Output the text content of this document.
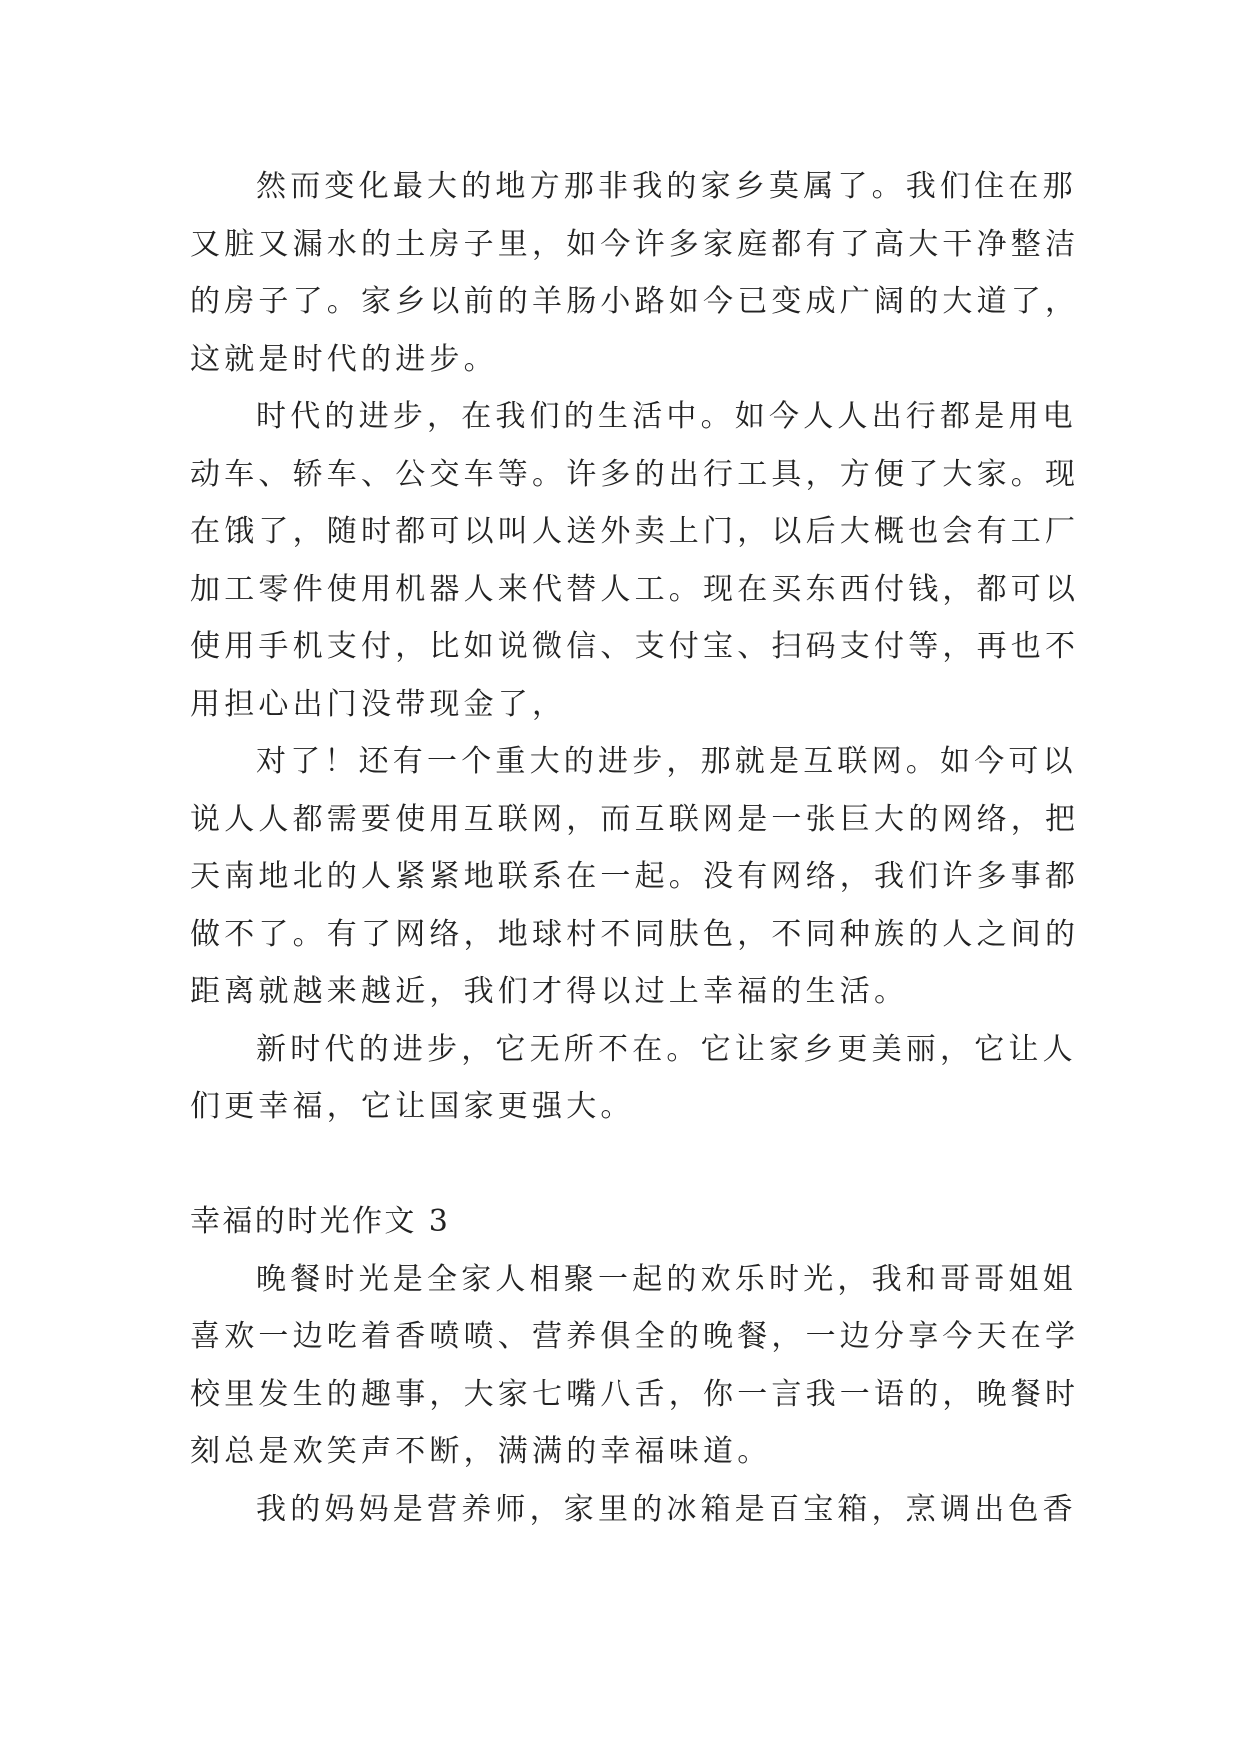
然而变化最大的地方那非我的家乡莫属了。我们住在那
又脏又漏水的土房子里，如今许多家庭都有了高大干净整洁
的房子了。家乡以前的羊肠小路如今已变成广阔的大道了，
这就是时代的进步。
时代的进步，在我们的生活中。如今人人出行都是用电
动车、轿车、公交车等。许多的出行工具，方便了大家。现
在饿了，随时都可以叫人送外卖上门，以后大概也会有工厂
加工零件使用机器人来代替人工。现在买东西付钱，都可以
使用手机支付，比如说微信、支付宝、扫码支付等，再也不
用担心出门没带现金了，
对了！还有一个重大的进步，那就是互联网。如今可以
说人人都需要使用互联网，而互联网是一张巨大的网络，把
天南地北的人紧紧地联系在一起。没有网络，我们许多事都
做不了。有了网络，地球村不同肤色，不同种族的人之间的
距离就越来越近，我们才得以过上幸福的生活。
新时代的进步，它无所不在。它让家乡更美丽，它让人
们更幸福，它让国家更强大。
幸福的时光作文 3
晚餐时光是全家人相聚一起的欢乐时光，我和哥哥姐姐
喜欢一边吃着香喷喷、营养俱全的晚餐，一边分享今天在学
校里发生的趣事，大家七嘴八舌，你一言我一语的，晚餐时
刻总是欢笑声不断，满满的幸福味道。
我的妈妈是营养师，家里的冰箱是百宝箱，烹调出色香
